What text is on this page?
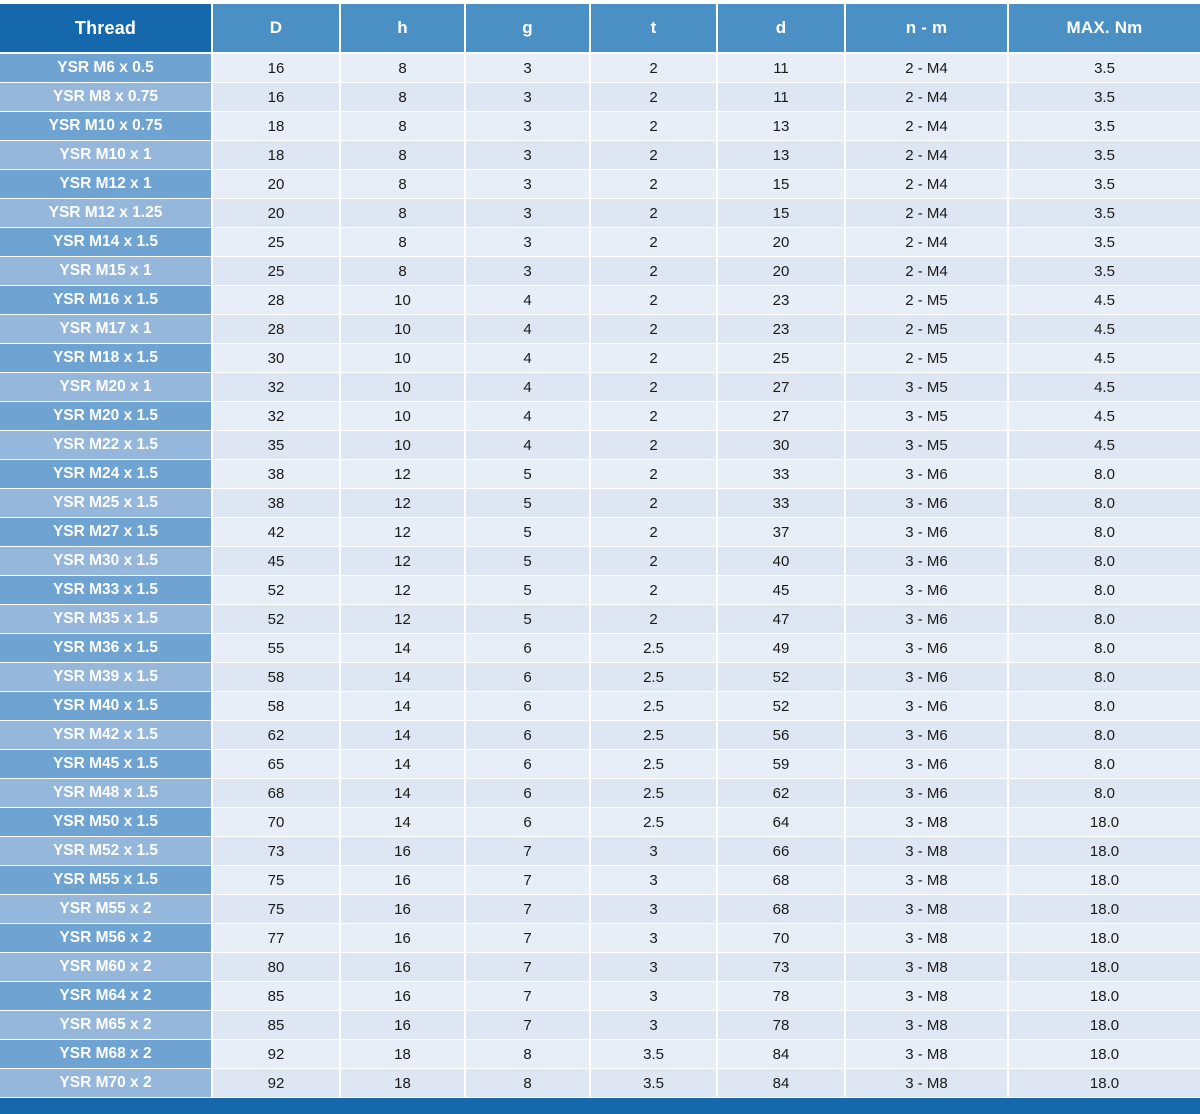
Thread	D	h	g	t	d	n - m	MAX. Nm
YSR M6 x 0.5	16	8	3	2	11	2 - M4	3.5
YSR M8 x 0.75	16	8	3	2	11	2 - M4	3.5
YSR M10 x 0.75	18	8	3	2	13	2 - M4	3.5
YSR M10 x 1	18	8	3	2	13	2 - M4	3.5
YSR M12 x 1	20	8	3	2	15	2 - M4	3.5
YSR M12 x 1.25	20	8	3	2	15	2 - M4	3.5
YSR M14 x 1.5	25	8	3	2	20	2 - M4	3.5
YSR M15 x 1	25	8	3	2	20	2 - M4	3.5
YSR M16 x 1.5	28	10	4	2	23	2 - M5	4.5
YSR M17 x 1	28	10	4	2	23	2 - M5	4.5
YSR M18 x 1.5	30	10	4	2	25	2 - M5	4.5
YSR M20 x 1	32	10	4	2	27	3 - M5	4.5
YSR M20 x 1.5	32	10	4	2	27	3 - M5	4.5
YSR M22 x 1.5	35	10	4	2	30	3 - M5	4.5
YSR M24 x 1.5	38	12	5	2	33	3 - M6	8.0
YSR M25 x 1.5	38	12	5	2	33	3 - M6	8.0
YSR M27 x 1.5	42	12	5	2	37	3 - M6	8.0
YSR M30 x 1.5	45	12	5	2	40	3 - M6	8.0
YSR M33 x 1.5	52	12	5	2	45	3 - M6	8.0
YSR M35 x 1.5	52	12	5	2	47	3 - M6	8.0
YSR M36 x 1.5	55	14	6	2.5	49	3 - M6	8.0
YSR M39 x 1.5	58	14	6	2.5	52	3 - M6	8.0
YSR M40 x 1.5	58	14	6	2.5	52	3 - M6	8.0
YSR M42 x 1.5	62	14	6	2.5	56	3 - M6	8.0
YSR M45 x 1.5	65	14	6	2.5	59	3 - M6	8.0
YSR M48 x 1.5	68	14	6	2.5	62	3 - M6	8.0
YSR M50 x 1.5	70	14	6	2.5	64	3 - M8	18.0
YSR M52 x 1.5	73	16	7	3	66	3 - M8	18.0
YSR M55 x 1.5	75	16	7	3	68	3 - M8	18.0
YSR M55 x 2	75	16	7	3	68	3 - M8	18.0
YSR M56 x 2	77	16	7	3	70	3 - M8	18.0
YSR M60 x 2	80	16	7	3	73	3 - M8	18.0
YSR M64 x 2	85	16	7	3	78	3 - M8	18.0
YSR M65 x 2	85	16	7	3	78	3 - M8	18.0
YSR M68 x 2	92	18	8	3.5	84	3 - M8	18.0
YSR M70 x 2	92	18	8	3.5	84	3 - M8	18.0
